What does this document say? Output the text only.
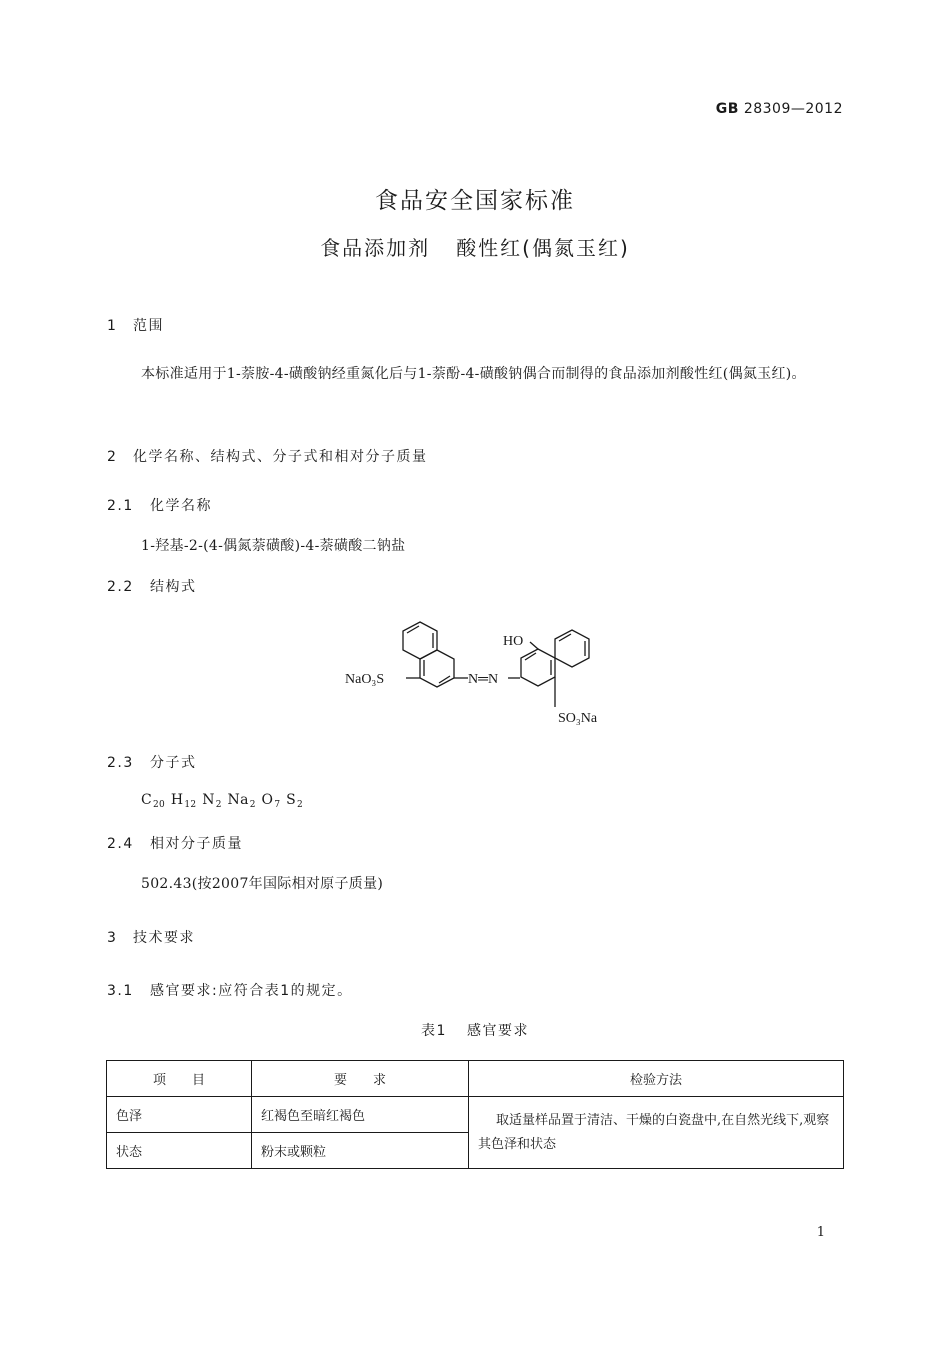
GB 28309—2012
食品安全国家标准
食品添加剂 酸性红(偶氮玉红)
1 范围
本标准适用于1-萘胺-4-磺酸钠经重氮化后与1-萘酚-4-磺酸钠偶合而制得的食品添加剂酸性红(偶氮玉红)。
2 化学名称、结构式、分子式和相对分子质量
2.1 化学名称
1-羟基-2-(4-偶氮萘磺酸)-4-萘磺酸二钠盐
2.2 结构式
NaO₃S	N═N
HO
SO₃Na
2.3 分子式
$C_{20}$ $H_{12}$ $N_2$ $Na_2$ $O_7$ $S_2$
2.4 相对分子质量
502.43(按2007年国际相对原子质量)
3 技术要求
3.1 感官要求:应符合表1的规定。
表1 感官要求
项　　目	要　　求	检验方法
色泽	红褐色至暗红褐色	取适量样品置于清洁、干燥的白瓷盘中,在自然光线下,观察其色泽和状态
状态	粉末或颗粒	
1
